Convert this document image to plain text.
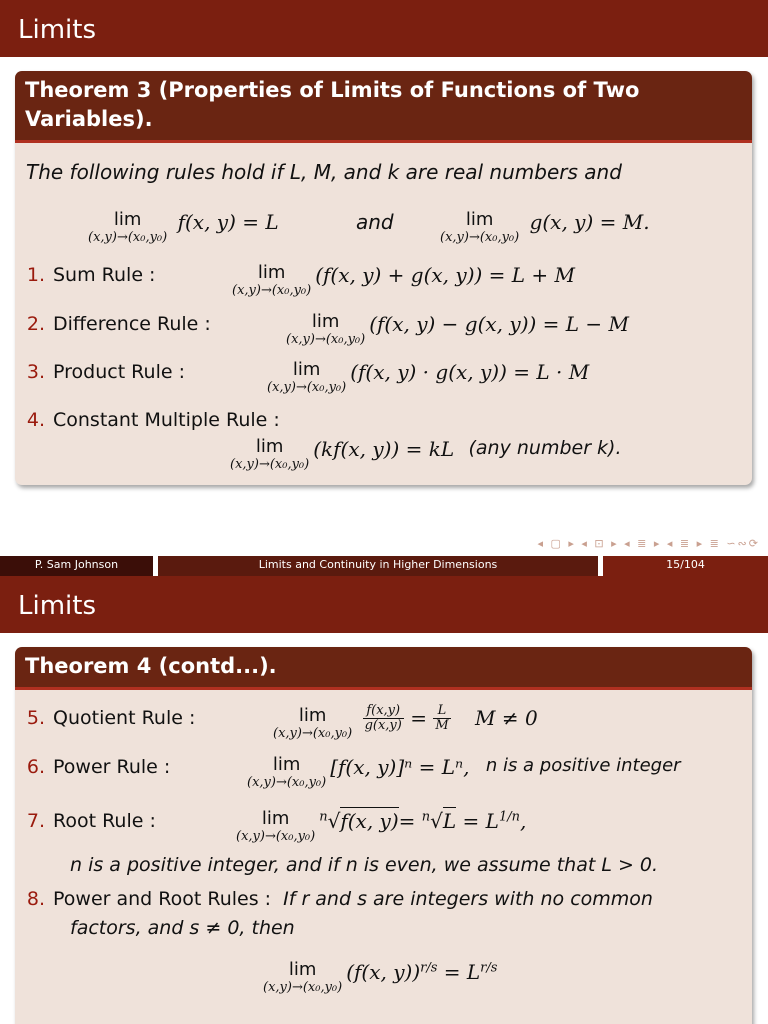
Limits
Theorem 3 (Properties of Limits of Functions of Two Variables).
The following rules hold if L, M, and k are real numbers and
lim
(x,y)→(x₀,y₀)
f(x, y) = L	and	lim
(x,y)→(x₀,y₀)
g(x, y) = M.
1. Sum Rule :	lim
(x,y)→(x₀,y₀)
(f(x, y) + g(x, y)) = L + M
2. Difference Rule :	lim
(x,y)→(x₀,y₀)
(f(x, y) − g(x, y)) = L − M
3. Product Rule :	lim
(x,y)→(x₀,y₀)
(f(x, y) · g(x, y)) = L · M
4. Constant Multiple Rule :
lim
(x,y)→(x₀,y₀)
(kf(x, y)) = kL (any number k).
◂ ▢ ▸ ◂ ⊡ ▸ ◂ ≣ ▸ ◂ ≣ ▸ ≣ ∽∾⟳
P. Sam Johnson	Limits and Continuity in Higher Dimensions	15/104
Limits
Theorem 4 (contd...).
5. Quotient Rule :	lim
(x,y)→(x₀,y₀)

$\frac{f(x,y)}{g(x,y)} = \frac{L}{M}$ M ≠ 0
6. Power Rule :	lim
(x,y)→(x₀,y₀)
[f(x, y)]ⁿ = Lⁿ, n is a positive integer
7. Root Rule :	lim
(x,y)→(x₀,y₀)
$^n$√f(x, $y)= ^n√L = L^{1/n}$,
n is a positive integer, and if n is even, we assume that L > 0.
8. Power and Root Rules : If r and s are integers with no common
factors, and s ≠ 0, then
lim
(x,y)→(x₀,y₀)
(f(x, $y))^{r/s} = L^{r/s}$
